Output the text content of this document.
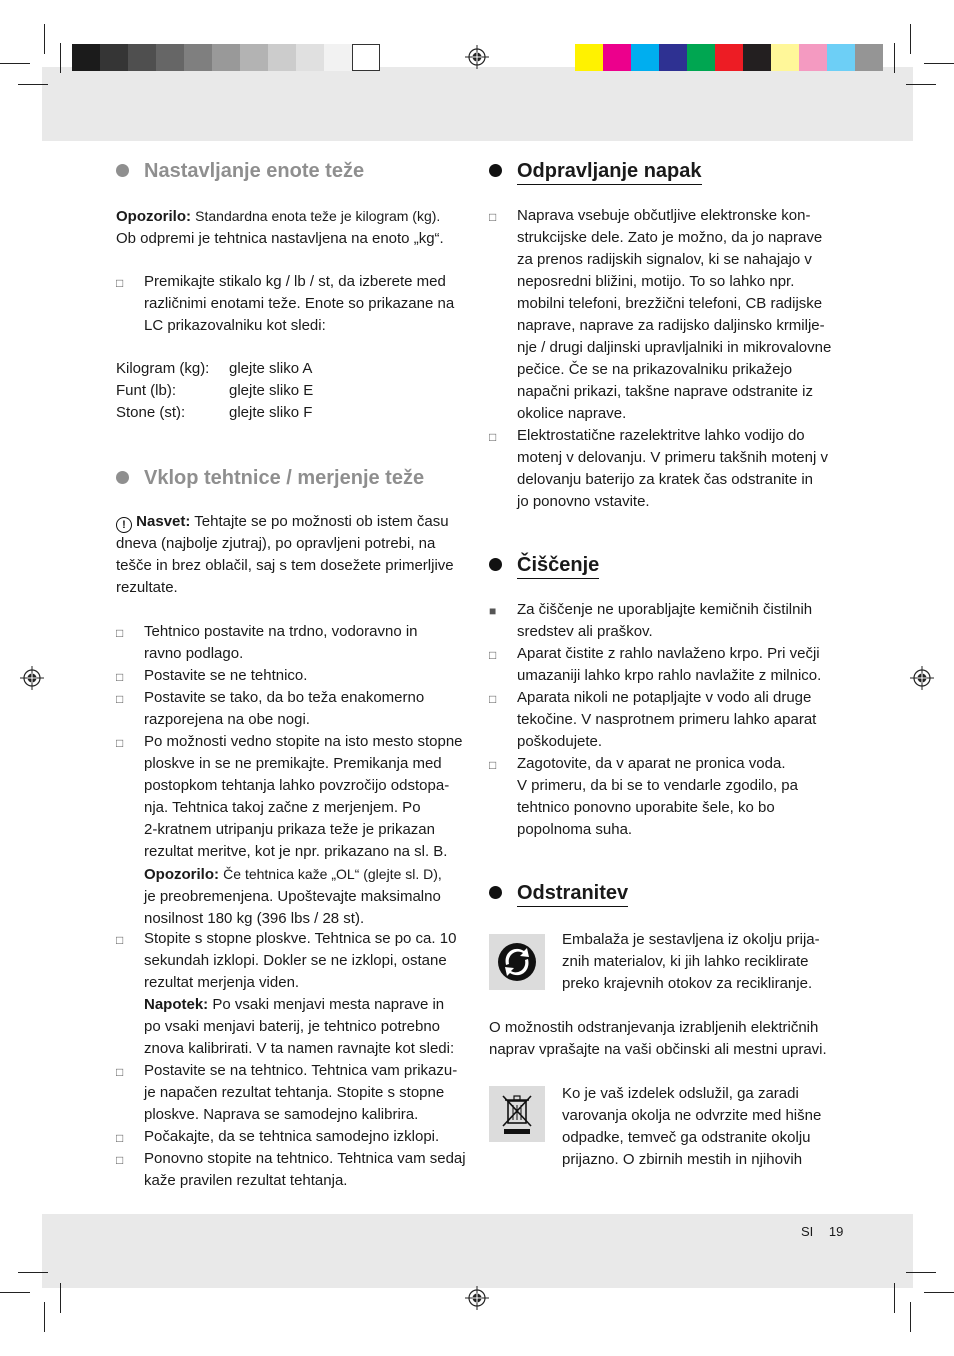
Nastavljanje enote teže
Opozorilo: Standardna enota teže je kilogram (kg).
Ob odpremi je tehtnica nastavljena na enoto „kg“.
□ Premikajte stikalo kg / lb / st, da izberete med
različnimi enotami teže. Enote so prikazane na
LC prikazovalniku kot sledi:
Kilogram (kg): glejte sliko A
Funt (lb):	glejte sliko E
Stone (st):	glejte sliko F
Vklop tehtnice / merjenje teže
! Nasvet: Tehtajte se po možnosti ob istem času
dneva (najbolje zjutraj), po opravljeni potrebi, na
tešče in brez oblačil, saj s tem dosežete primerljive
rezultate.
□ Tehtnico postavite na trdno, vodoravno in
ravno podlago.
□ Postavite se ne tehtnico.
□ Postavite se tako, da bo teža enakomerno
razporejena na obe nogi.
□ Po možnosti vedno stopite na isto mesto stopne
ploskve in se ne premikajte. Premikanja med
postopkom tehtanja lahko povzročijo odstopa-
nja. Tehtnica takoj začne z merjenjem. Po
2-kratnem utripanju prikaza teže je prikazan
rezultat meritve, kot je npr. prikazano na sl. B.
Opozorilo: Če tehtnica kaže „OL“ (glejte sl. D),
je preobremenjena. Upoštevajte maksimalno
nosilnost 180 kg (396 lbs / 28 st).
□ Stopite s stopne ploskve. Tehtnica se po ca. 10
sekundah izklopi. Dokler se ne izklopi, ostane
rezultat merjenja viden.
Napotek: Po vsaki menjavi mesta naprave in
po vsaki menjavi baterij, je tehtnico potrebno
znova kalibrirati. V ta namen ravnajte kot sledi:
□ Postavite se na tehtnico. Tehtnica vam prikazu-
je napačen rezultat tehtanja. Stopite s stopne
ploskve. Naprava se samodejno kalibrira.
□ Počakajte, da se tehtnica samodejno izklopi.
□ Ponovno stopite na tehtnico. Tehtnica vam sedaj
kaže pravilen rezultat tehtanja.
Odpravljanje napak
□ Naprava vsebuje občutljive elektronske kon-
strukcijske dele. Zato je možno, da jo naprave
za prenos radijskih signalov, ki se nahajajo v
neposredni bližini, motijo. To so lahko npr.
mobilni telefoni, brezžični telefoni, CB radijske
naprave, naprave za radijsko daljinsko krmilje-
nje / drugi daljinski upravljalniki in mikrovalovne
pečice. Če se na prikazovalniku prikažejo
napačni prikazi, takšne naprave odstranite iz
okolice naprave.
□ Elektrostatične razelektritve lahko vodijo do
motenj v delovanju. V primeru takšnih motenj v
delovanju baterijo za kratek čas odstranite in
jo ponovno vstavite.
Čiščenje
■ Za čiščenje ne uporabljajte kemičnih čistilnih
sredstev ali praškov.
□ Aparat čistite z rahlo navlaženo krpo. Pri večji
umazaniji lahko krpo rahlo navlažite z milnico.
□ Aparata nikoli ne potapljajte v vodo ali druge
tekočine. V nasprotnem primeru lahko aparat
poškodujete.
□ Zagotovite, da v aparat ne pronica voda.
V primeru, da bi se to vendarle zgodilo, pa
tehtnico ponovno uporabite šele, ko bo
popolnoma suha.
Odstranitev
Embalaža je sestavljena iz okolju prija-
znih materialov, ki jih lahko reciklirate
preko krajevnih otokov za recikliranje.
O možnostih odstranjevanja izrabljenih električnih
naprav vprašajte na vaši občinski ali mestni upravi.
Ko je vaš izdelek odslužil, ga zaradi
varovanja okolja ne odvrzite med hišne
odpadke, temveč ga odstranite okolju
prijazno. O zbirnih mestih in njihovih
SI 19
